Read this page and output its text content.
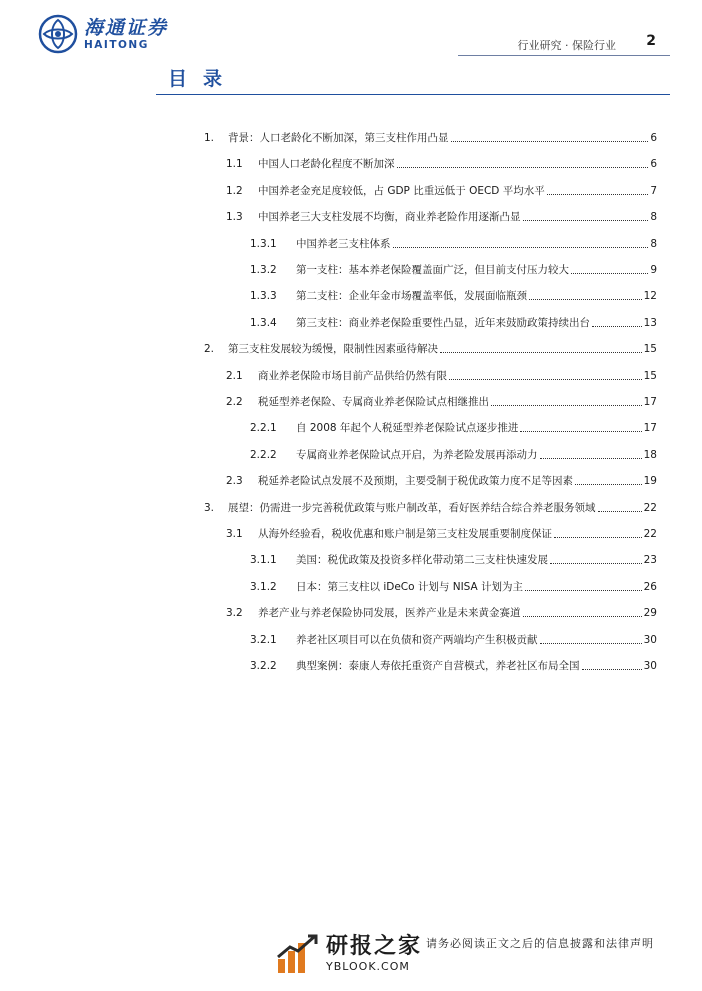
海通证券
HAITONG	行业研究 · 保险行业 2
目录
1.	背景：人口老龄化不断加深，第三支柱作用凸显	6
1.1	中国人口老龄化程度不断加深	6
1.2	中国养老金充足度较低，占 GDP 比重远低于 OECD 平均水平	7
1.3	中国养老三大支柱发展不均衡，商业养老险作用逐渐凸显	8
1.3.1	中国养老三支柱体系	8
1.3.2	第一支柱：基本养老保险覆盖面广泛，但目前支付压力较大	9
1.3.3	第二支柱：企业年金市场覆盖率低，发展面临瓶颈	12
1.3.4	第三支柱：商业养老保险重要性凸显，近年来鼓励政策持续出台	13
2.	第三支柱发展较为缓慢，限制性因素亟待解决	15
2.1	商业养老保险市场目前产品供给仍然有限	15
2.2	税延型养老保险、专属商业养老保险试点相继推出	17
2.2.1	自 2008 年起个人税延型养老保险试点逐步推进	17
2.2.2	专属商业养老保险试点开启，为养老险发展再添动力	18
2.3	税延养老险试点发展不及预期，主要受制于税优政策力度不足等因素	19
3.	展望：仍需进一步完善税优政策与账户制改革，看好医养结合综合养老服务领域	22
3.1	从海外经验看，税收优惠和账户制是第三支柱发展重要制度保证	22
3.1.1	美国：税优政策及投资多样化带动第二三支柱快速发展	23
3.1.2	日本：第三支柱以 iDeCo 计划与 NISA 计划为主	26
3.2	养老产业与养老保险协同发展，医养产业是未来黄金赛道	29
3.2.1	养老社区项目可以在负债和资产两端均产生积极贡献	30
3.2.2	典型案例：泰康人寿依托重资产自营模式，养老社区布局全国	30
研报之家
YBLOOK.COM
请务必阅读正文之后的信息披露和法律声明
